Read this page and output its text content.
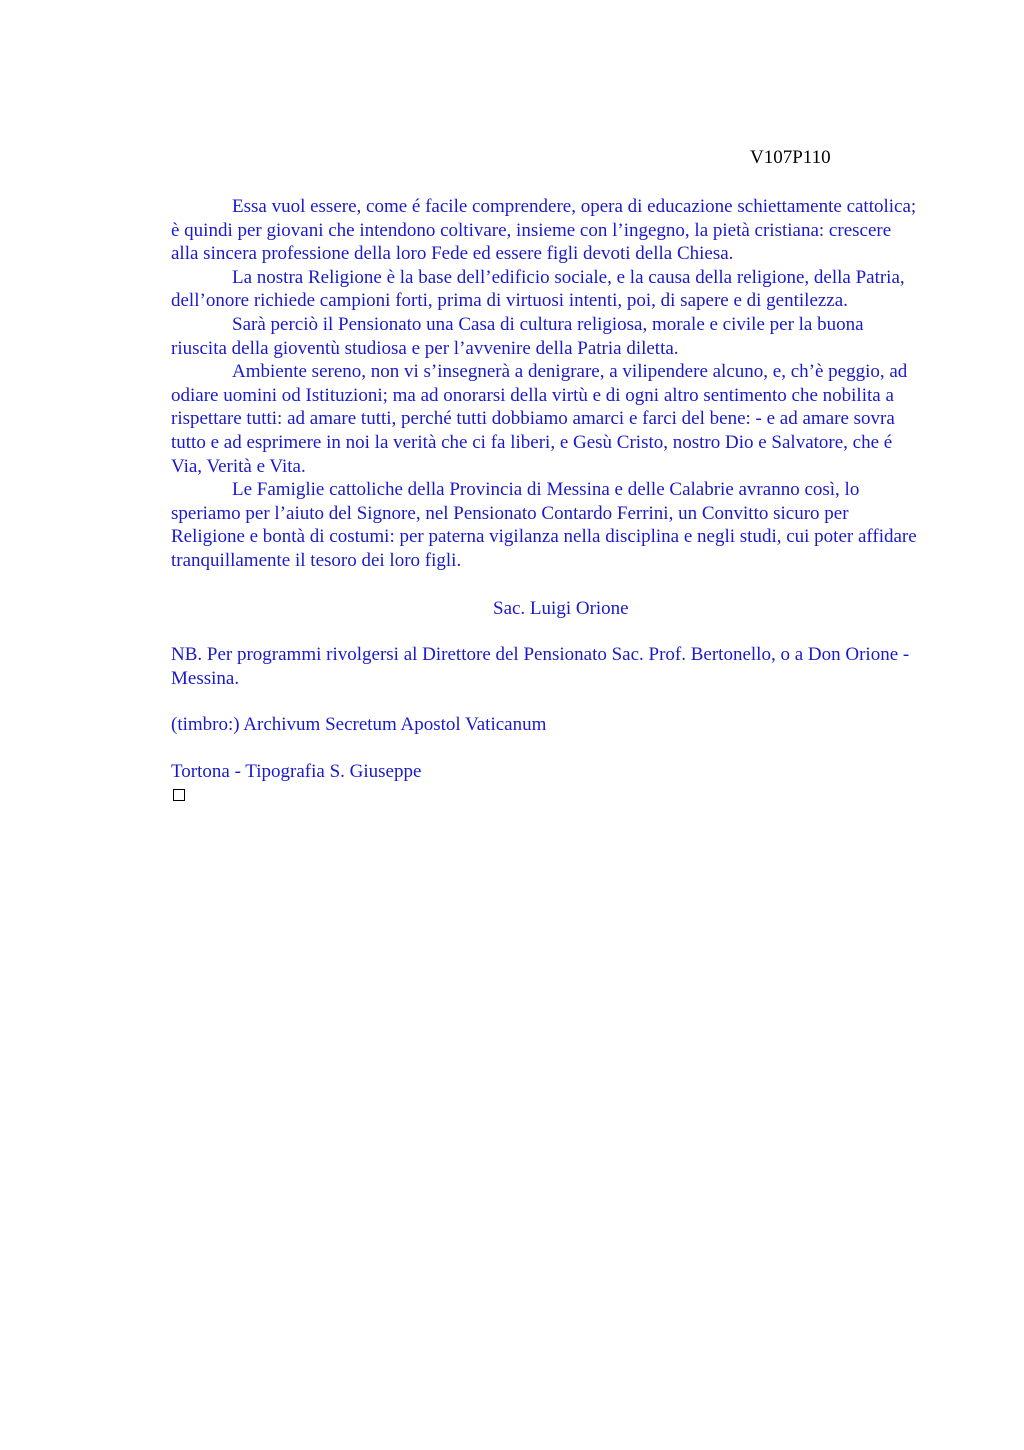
V107P110

Essa vuol essere, come é facile comprendere, opera di educazione schiettamente cattolica; è quindi per giovani che intendono coltivare, insieme con l’ingegno, la pietà cristiana: crescere alla sincera professione della loro Fede ed essere figli devoti della Chiesa.

La nostra Religione è la base dell’edificio sociale, e la causa della religione, della Patria, dell’onore richiede campioni forti, prima di virtuosi intenti, poi, di sapere e di gentilezza.

Sarà perciò il Pensionato una Casa di cultura religiosa, morale e civile per la buona riuscita della gioventù studiosa e per l’avvenire della Patria diletta.

Ambiente sereno, non vi s’insegnerà a denigrare, a vilipendere alcuno, e, ch’è peggio, ad odiare uomini od Istituzioni; ma ad onorarsi della virtù e di ogni altro sentimento che nobilita a rispettare tutti: ad amare tutti, perché tutti dobbiamo amarci e farci del bene: - e ad amare sovra tutto e ad esprimere in noi la verità che ci fa liberi, e Gesù Cristo, nostro Dio e Salvatore, che é Via, Verità e Vita.

Le Famiglie cattoliche della Provincia di Messina e delle Calabrie avranno così, lo speriamo per l’aiuto del Signore, nel Pensionato Contardo Ferrini, un Convitto sicuro per Religione e bontà di costumi: per paterna vigilanza nella disciplina e negli studi, cui poter affidare tranquillamente il tesoro dei loro figli.

Sac. Luigi Orione

NB. Per programmi rivolgersi al Direttore del Pensionato Sac. Prof. Bertonello, o a Don Orione - Messina.

(timbro:) Archivum Secretum Apostol Vaticanum

Tortona - Tipografia S. Giuseppe
